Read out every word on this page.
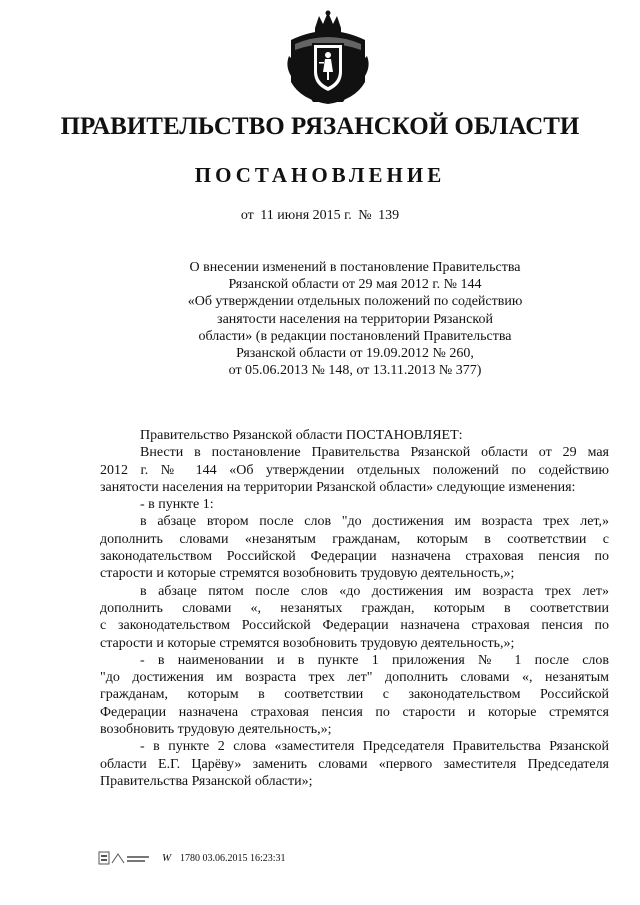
ПРАВИТЕЛЬСТВО РЯЗАНСКОЙ ОБЛАСТИ
ПОСТАНОВЛЕНИЕ
от 11 июня 2015 г. № 139
О внесении изменений в постановление Правительства
Рязанской области от 29 мая 2012 г. № 144
«Об утверждении отдельных положений по содействию
занятости населения на территории Рязанской
области» (в редакции постановлений Правительства
Рязанской области от 19.09.2012 № 260,
от 05.06.2013 № 148, от 13.11.2013 № 377)
Правительство Рязанской области ПОСТАНОВЛЯЕТ:
Внести в постановление Правительства Рязанской области от 29 мая
2012 г. № 144 «Об утверждении отдельных положений по содействию
занятости населения на территории Рязанской области» следующие изменения:
- в пункте 1:
в абзаце втором после слов "до достижения им возраста трех лет,»
дополнить словами «незанятым гражданам, которым в соответствии с
законодательством Российской Федерации назначена страховая пенсия по
старости и которые стремятся возобновить трудовую деятельность,»;
в абзаце пятом после слов «до достижения им возраста трех лет»
дополнить словами «, незанятых граждан, которым в соответствии
с законодательством Российской Федерации назначена страховая пенсия по
старости и которые стремятся возобновить трудовую деятельность,»;
- в наименовании и в пункте 1 приложения № 1 после слов
"до достижения им возраста трех лет" дополнить словами «, незанятым
гражданам, которым в соответствии с законодательством Российской
Федерации назначена страховая пенсия по старости и которые стремятся
возобновить трудовую деятельность,»;
- в пункте 2 слова «заместителя Председателя Правительства Рязанской
области Е.Г. Царёву» заменить словами «первого заместителя Председателя
Правительства Рязанской области»;
W 1780 03.06.2015 16:23:31
